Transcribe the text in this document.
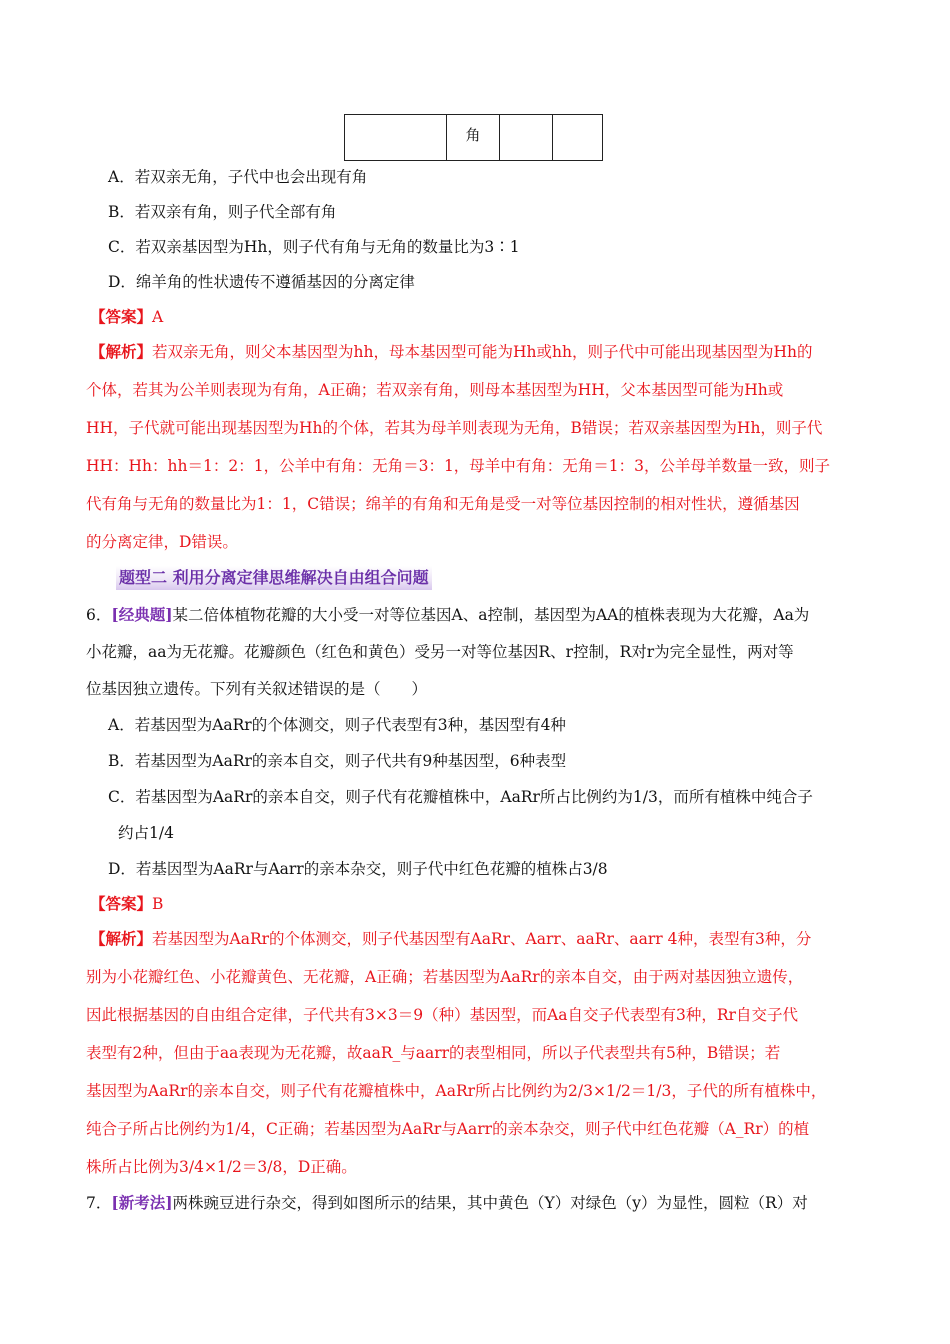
	角		
A．若双亲无角，子代中也会出现有角
B．若双亲有角，则子代全部有角
C．若双亲基因型为Hh，则子代有角与无角的数量比为3∶1
D．绵羊角的性状遗传不遵循基因的分离定律
【答案】A
【解析】若双亲无角，则父本基因型为hh，母本基因型可能为Hh或hh，则子代中可能出现基因型为Hh的
个体，若其为公羊则表现为有角，A正确；若双亲有角，则母本基因型为HH，父本基因型可能为Hh或
HH，子代就可能出现基因型为Hh的个体，若其为母羊则表现为无角，B错误；若双亲基因型为Hh，则子代
HH：Hh：hh＝1：2：1，公羊中有角：无角＝3：1，母羊中有角：无角＝1：3，公羊母羊数量一致，则子
代有角与无角的数量比为1：1，C错误；绵羊的有角和无角是受一对等位基因控制的相对性状，遵循基因
的分离定律，D错误。
题型二 利用分离定律思维解决自由组合问题
6．[经典题]某二倍体植物花瓣的大小受一对等位基因A、a控制，基因型为AA的植株表现为大花瓣，Aa为
小花瓣，aa为无花瓣。花瓣颜色（红色和黄色）受另一对等位基因R、r控制，R对r为完全显性，两对等
位基因独立遗传。下列有关叙述错误的是（　　）
A．若基因型为AaRr的个体测交，则子代表型有3种，基因型有4种
B．若基因型为AaRr的亲本自交，则子代共有9种基因型，6种表型
C．若基因型为AaRr的亲本自交，则子代有花瓣植株中，AaRr所占比例约为1/3，而所有植株中纯合子
约占1/4
D．若基因型为AaRr与Aarr的亲本杂交，则子代中红色花瓣的植株占3/8
【答案】B
【解析】若基因型为AaRr的个体测交，则子代基因型有AaRr、Aarr、aaRr、aarr 4种，表型有3种，分
别为小花瓣红色、小花瓣黄色、无花瓣，A正确；若基因型为AaRr的亲本自交，由于两对基因独立遗传，
因此根据基因的自由组合定律，子代共有3×3＝9（种）基因型，而Aa自交子代表型有3种，Rr自交子代
表型有2种，但由于aa表现为无花瓣，故aaR_与aarr的表型相同，所以子代表型共有5种，B错误；若
基因型为AaRr的亲本自交，则子代有花瓣植株中，AaRr所占比例约为2/3×1/2＝1/3，子代的所有植株中，
纯合子所占比例约为1/4，C正确；若基因型为AaRr与Aarr的亲本杂交，则子代中红色花瓣（A_Rr）的植
株所占比例为3/4×1/2＝3/8，D正确。
7．[新考法]两株豌豆进行杂交，得到如图所示的结果，其中黄色（Y）对绿色（y）为显性，圆粒（R）对
